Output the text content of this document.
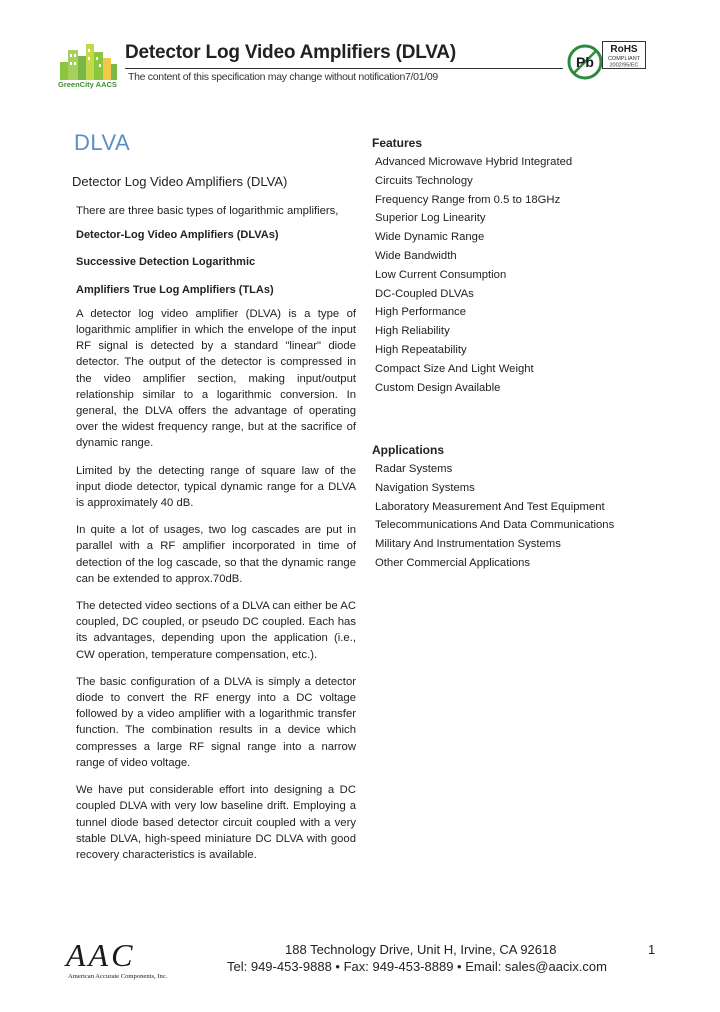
GreenCity AACS
Detector Log Video Amplifiers (DLVA)
The content of this specification may change without notification7/01/09
Pb
RoHS
COMPLIANT
2002/95/EC
DLVA
Detector Log Video Amplifiers (DLVA)

There are three basic types of logarithmic amplifiers,

Detector-Log Video Amplifiers (DLVAs)

Successive Detection Logarithmic

Amplifiers True Log Amplifiers (TLAs)

A detector log video amplifier (DLVA) is a type of logarithmic amplifier in which the envelope of the input RF signal is detected by a standard "linear" diode detector. The output of the detector is compressed in the video amplifier section, making input/output relationship similar to a logarithmic conversion. In general, the DLVA offers the advantage of operating over the widest frequency range, but at the sacrifice of dynamic range.

Limited by the detecting range of square law of the input diode detector, typical dynamic range for a DLVA is approximately 40 dB.

In quite a lot of usages, two log cascades are put in parallel with a RF amplifier incorporated in time of detection of the log cascade, so that the dynamic range can be extended to approx.70dB.

The detected video sections of a DLVA can either be AC coupled, DC coupled, or pseudo DC coupled. Each has its advantages, depending upon the application (i.e., CW operation, temperature compensation, etc.).

The basic configuration of a DLVA is simply a detector diode to convert the RF energy into a DC voltage followed by a video amplifier with a logarithmic transfer function. The combination results in a device which compresses a large RF signal range into a narrow range of video voltage.

We have put considerable effort into designing a DC coupled DLVA with very low baseline drift. Employing a tunnel diode based detector circuit coupled with a very stable DLVA, high-speed miniature DC DLVA with good recovery characteristics is available.

Features
Advanced Microwave Hybrid Integrated
Circuits Technology
Frequency Range from 0.5 to 18GHz
Superior Log Linearity
Wide Dynamic Range
Wide Bandwidth
Low Current Consumption
DC-Coupled DLVAs
High Performance
High Reliability
High Repeatability
Compact Size And Light Weight
Custom Design Available
Applications
Radar Systems
Navigation Systems
Laboratory Measurement And Test Equipment
Telecommunications And Data Communications
Military And Instrumentation Systems
Other Commercial Applications
AAC
American Accurate Components, Inc.
188 Technology Drive, Unit H, Irvine, CA 92618
Tel: 949-453-9888 • Fax: 949-453-8889 • Email: sales@aacix.com
1
